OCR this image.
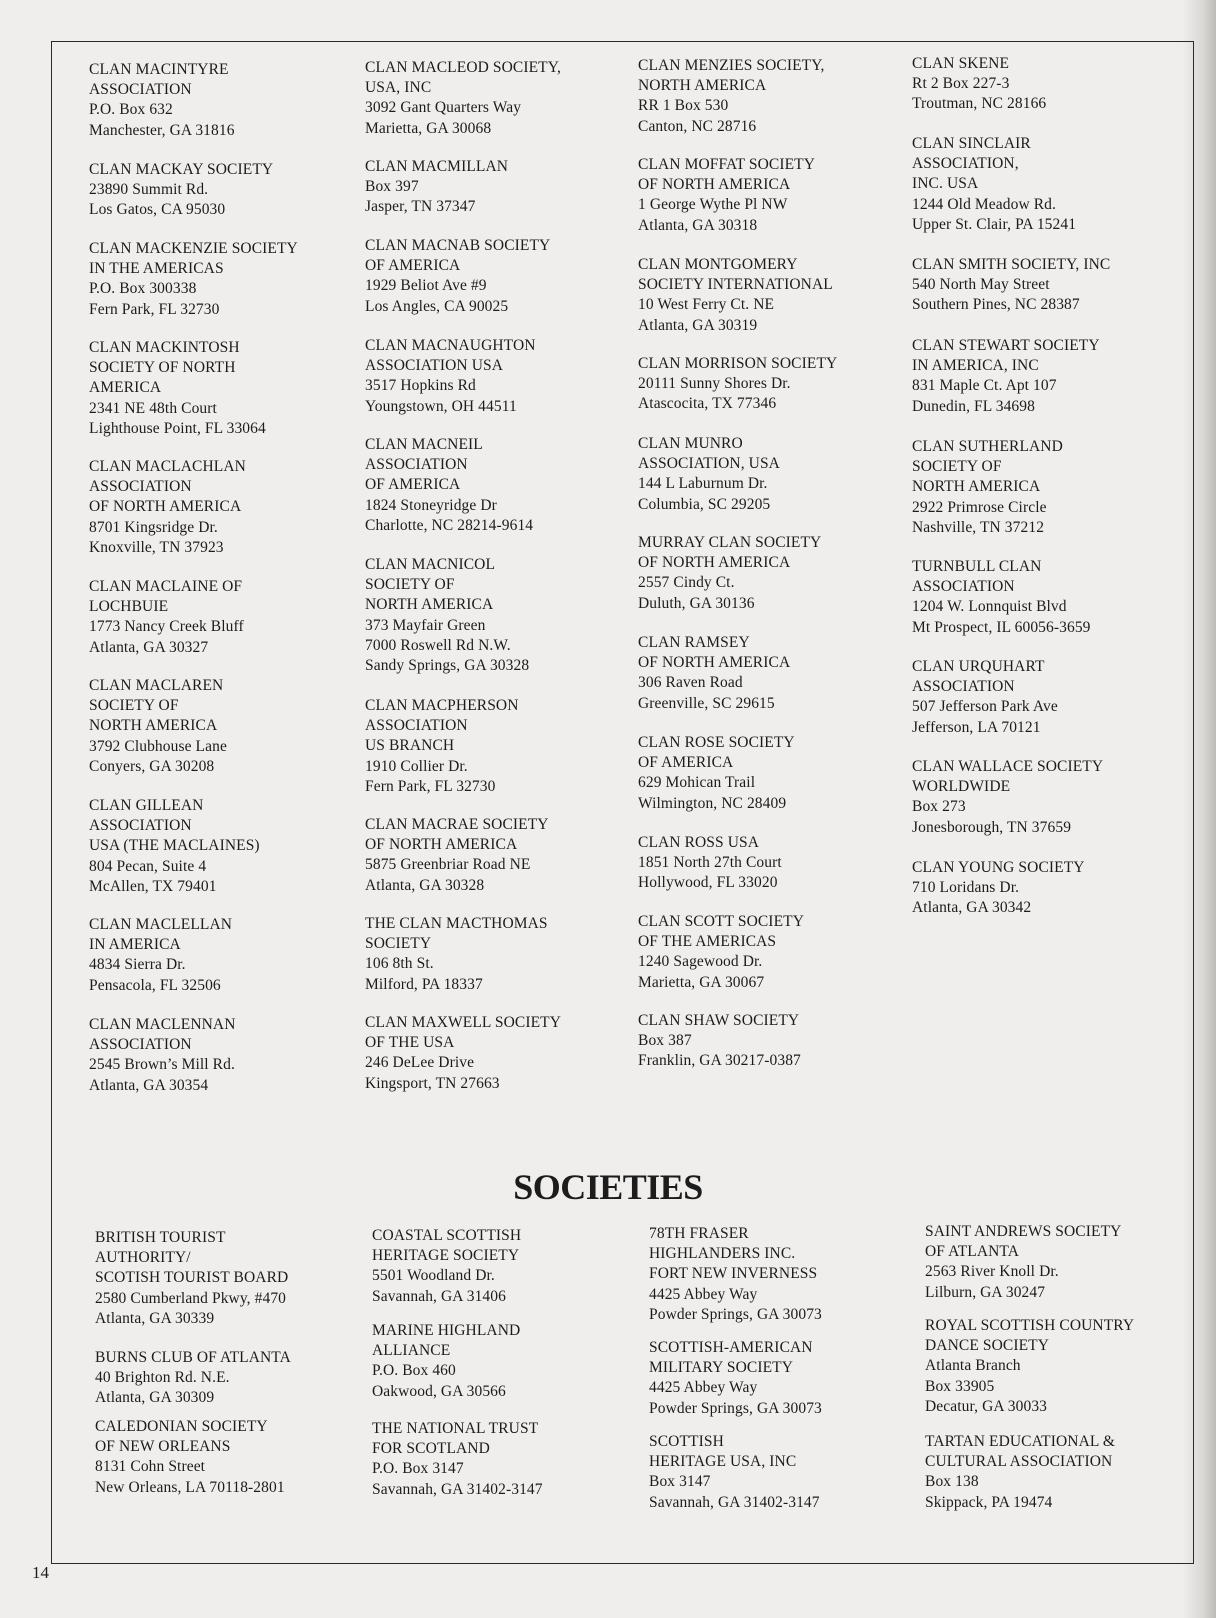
CLAN MACINTYRE
ASSOCIATION
P.O. Box 632
Manchester, GA 31816
CLAN MACKAY SOCIETY
23890 Summit Rd.
Los Gatos, CA 95030
CLAN MACKENZIE SOCIETY
IN THE AMERICAS
P.O. Box 300338
Fern Park, FL 32730
CLAN MACKINTOSH
SOCIETY OF NORTH
AMERICA
2341 NE 48th Court
Lighthouse Point, FL 33064
CLAN MACLACHLAN
ASSOCIATION
OF NORTH AMERICA
8701 Kingsridge Dr.
Knoxville, TN 37923
CLAN MACLAINE OF
LOCHBUIE
1773 Nancy Creek Bluff
Atlanta, GA 30327
CLAN MACLAREN
SOCIETY OF
NORTH AMERICA
3792 Clubhouse Lane
Conyers, GA 30208
CLAN GILLEAN
ASSOCIATION
USA (THE MACLAINES)
804 Pecan, Suite 4
McAllen, TX 79401
CLAN MACLELLAN
IN AMERICA
4834 Sierra Dr.
Pensacola, FL 32506
CLAN MACLENNAN
ASSOCIATION
2545 Brown’s Mill Rd.
Atlanta, GA 30354
CLAN MACLEOD SOCIETY,
USA, INC
3092 Gant Quarters Way
Marietta, GA 30068
CLAN MACMILLAN
Box 397
Jasper, TN 37347
CLAN MACNAB SOCIETY
OF AMERICA
1929 Beliot Ave #9
Los Angles, CA 90025
CLAN MACNAUGHTON
ASSOCIATION USA
3517 Hopkins Rd
Youngstown, OH 44511
CLAN MACNEIL
ASSOCIATION
OF AMERICA
1824 Stoneyridge Dr
Charlotte, NC 28214-9614
CLAN MACNICOL
SOCIETY OF
NORTH AMERICA
373 Mayfair Green
7000 Roswell Rd N.W.
Sandy Springs, GA 30328
CLAN MACPHERSON
ASSOCIATION
US BRANCH
1910 Collier Dr.
Fern Park, FL 32730
CLAN MACRAE SOCIETY
OF NORTH AMERICA
5875 Greenbriar Road NE
Atlanta, GA 30328
THE CLAN MACTHOMAS
SOCIETY
106 8th St.
Milford, PA 18337
CLAN MAXWELL SOCIETY
OF THE USA
246 DeLee Drive
Kingsport, TN 27663
CLAN MENZIES SOCIETY,
NORTH AMERICA
RR 1 Box 530
Canton, NC 28716
CLAN MOFFAT SOCIETY
OF NORTH AMERICA
1 George Wythe Pl NW
Atlanta, GA 30318
CLAN MONTGOMERY
SOCIETY INTERNATIONAL
10 West Ferry Ct. NE
Atlanta, GA 30319
CLAN MORRISON SOCIETY
20111 Sunny Shores Dr.
Atascocita, TX 77346
CLAN MUNRO
ASSOCIATION, USA
144 L Laburnum Dr.
Columbia, SC 29205
MURRAY CLAN SOCIETY
OF NORTH AMERICA
2557 Cindy Ct.
Duluth, GA 30136
CLAN RAMSEY
OF NORTH AMERICA
306 Raven Road
Greenville, SC 29615
CLAN ROSE SOCIETY
OF AMERICA
629 Mohican Trail
Wilmington, NC 28409
CLAN ROSS USA
1851 North 27th Court
Hollywood, FL 33020
CLAN SCOTT SOCIETY
OF THE AMERICAS
1240 Sagewood Dr.
Marietta, GA 30067
CLAN SHAW SOCIETY
Box 387
Franklin, GA 30217-0387
CLAN SKENE
Rt 2 Box 227-3
Troutman, NC 28166
CLAN SINCLAIR
ASSOCIATION,
INC. USA
1244 Old Meadow Rd.
Upper St. Clair, PA 15241
CLAN SMITH SOCIETY, INC
540 North May Street
Southern Pines, NC 28387
CLAN STEWART SOCIETY
IN AMERICA, INC
831 Maple Ct. Apt 107
Dunedin, FL 34698
CLAN SUTHERLAND
SOCIETY OF
NORTH AMERICA
2922 Primrose Circle
Nashville, TN 37212
TURNBULL CLAN
ASSOCIATION
1204 W. Lonnquist Blvd
Mt Prospect, IL 60056-3659
CLAN URQUHART
ASSOCIATION
507 Jefferson Park Ave
Jefferson, LA 70121
CLAN WALLACE SOCIETY
WORLDWIDE
Box 273
Jonesborough, TN 37659
CLAN YOUNG SOCIETY
710 Loridans Dr.
Atlanta, GA 30342
BRITISH TOURIST
AUTHORITY/
SCOTISH TOURIST BOARD
2580 Cumberland Pkwy, #470
Atlanta, GA 30339
BURNS CLUB OF ATLANTA
40 Brighton Rd. N.E.
Atlanta, GA 30309
CALEDONIAN SOCIETY
OF NEW ORLEANS
8131 Cohn Street
New Orleans, LA 70118-2801
COASTAL SCOTTISH
HERITAGE SOCIETY
5501 Woodland Dr.
Savannah, GA 31406
MARINE HIGHLAND
ALLIANCE
P.O. Box 460
Oakwood, GA 30566
THE NATIONAL TRUST
FOR SCOTLAND
P.O. Box 3147
Savannah, GA 31402-3147
78TH FRASER
HIGHLANDERS INC.
FORT NEW INVERNESS
4425 Abbey Way
Powder Springs, GA 30073
SCOTTISH-AMERICAN
MILITARY SOCIETY
4425 Abbey Way
Powder Springs, GA 30073
SCOTTISH
HERITAGE USA, INC
Box 3147
Savannah, GA 31402-3147
SAINT ANDREWS SOCIETY
OF ATLANTA
2563 River Knoll Dr.
Lilburn, GA 30247
ROYAL SCOTTISH COUNTRY
DANCE SOCIETY
Atlanta Branch
Box 33905
Decatur, GA 30033
TARTAN EDUCATIONAL &
CULTURAL ASSOCIATION
Box 138
Skippack, PA 19474
SOCIETIES
14
